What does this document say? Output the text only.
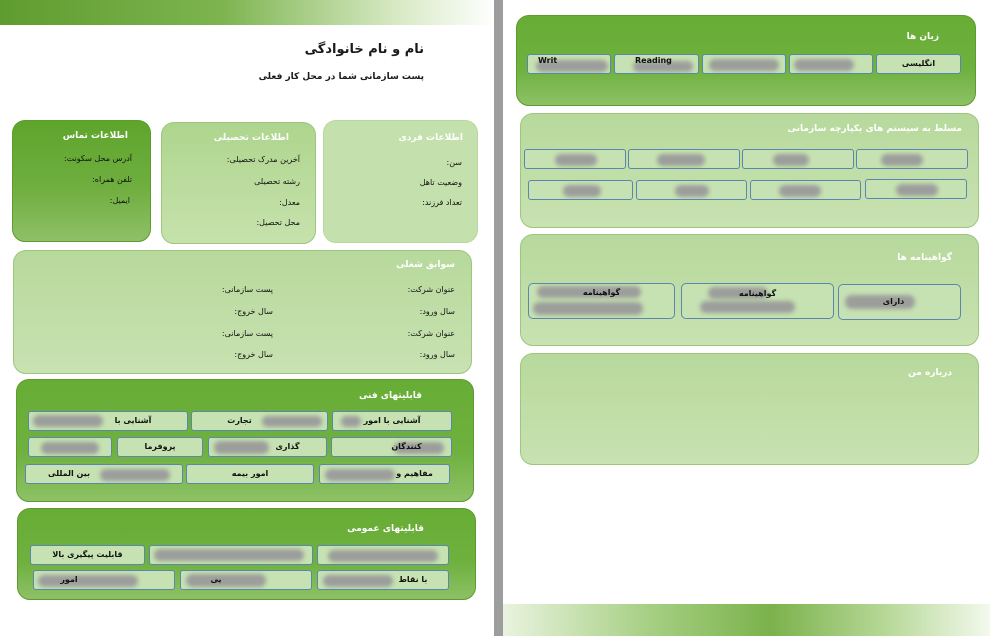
نام و نام خانوادگی
پست سازمانی شما در محل کار فعلی
اطلاعات فردی
سن:
وضعیت تاهل
تعداد فرزند:
اطلاعات تحصیلی
آخرین مدرک تحصیلی:
رشته تحصیلی
معدل:
محل تحصیل:
اطلاعات تماس
آدرس محل سکونت:
تلفن همراه:
ایمیل:
سوابق شغلی
عنوان شرکت:
سال ورود:
عنوان شرکت:
سال ورود:
پست سازمانی:
سال خروج:
پست سازمانی:
سال خروج:
قابلیتهای فنی
آشنایی با امور
تجارت
آشنایی با
کنندگان
گذاری
پروفرما
مفاهیم و
امور بیمه
بین المللی
قابلیتهای عمومی
قابلیت پیگیری بالا
با نقاط
یی
امور
زبان ها
انگلیسی
Reading
Writ
مسلط به سیستم های یکپارچه سازمانی
گواهینامه ها
دارای
گواهینامه
گواهینامه
درباره من
